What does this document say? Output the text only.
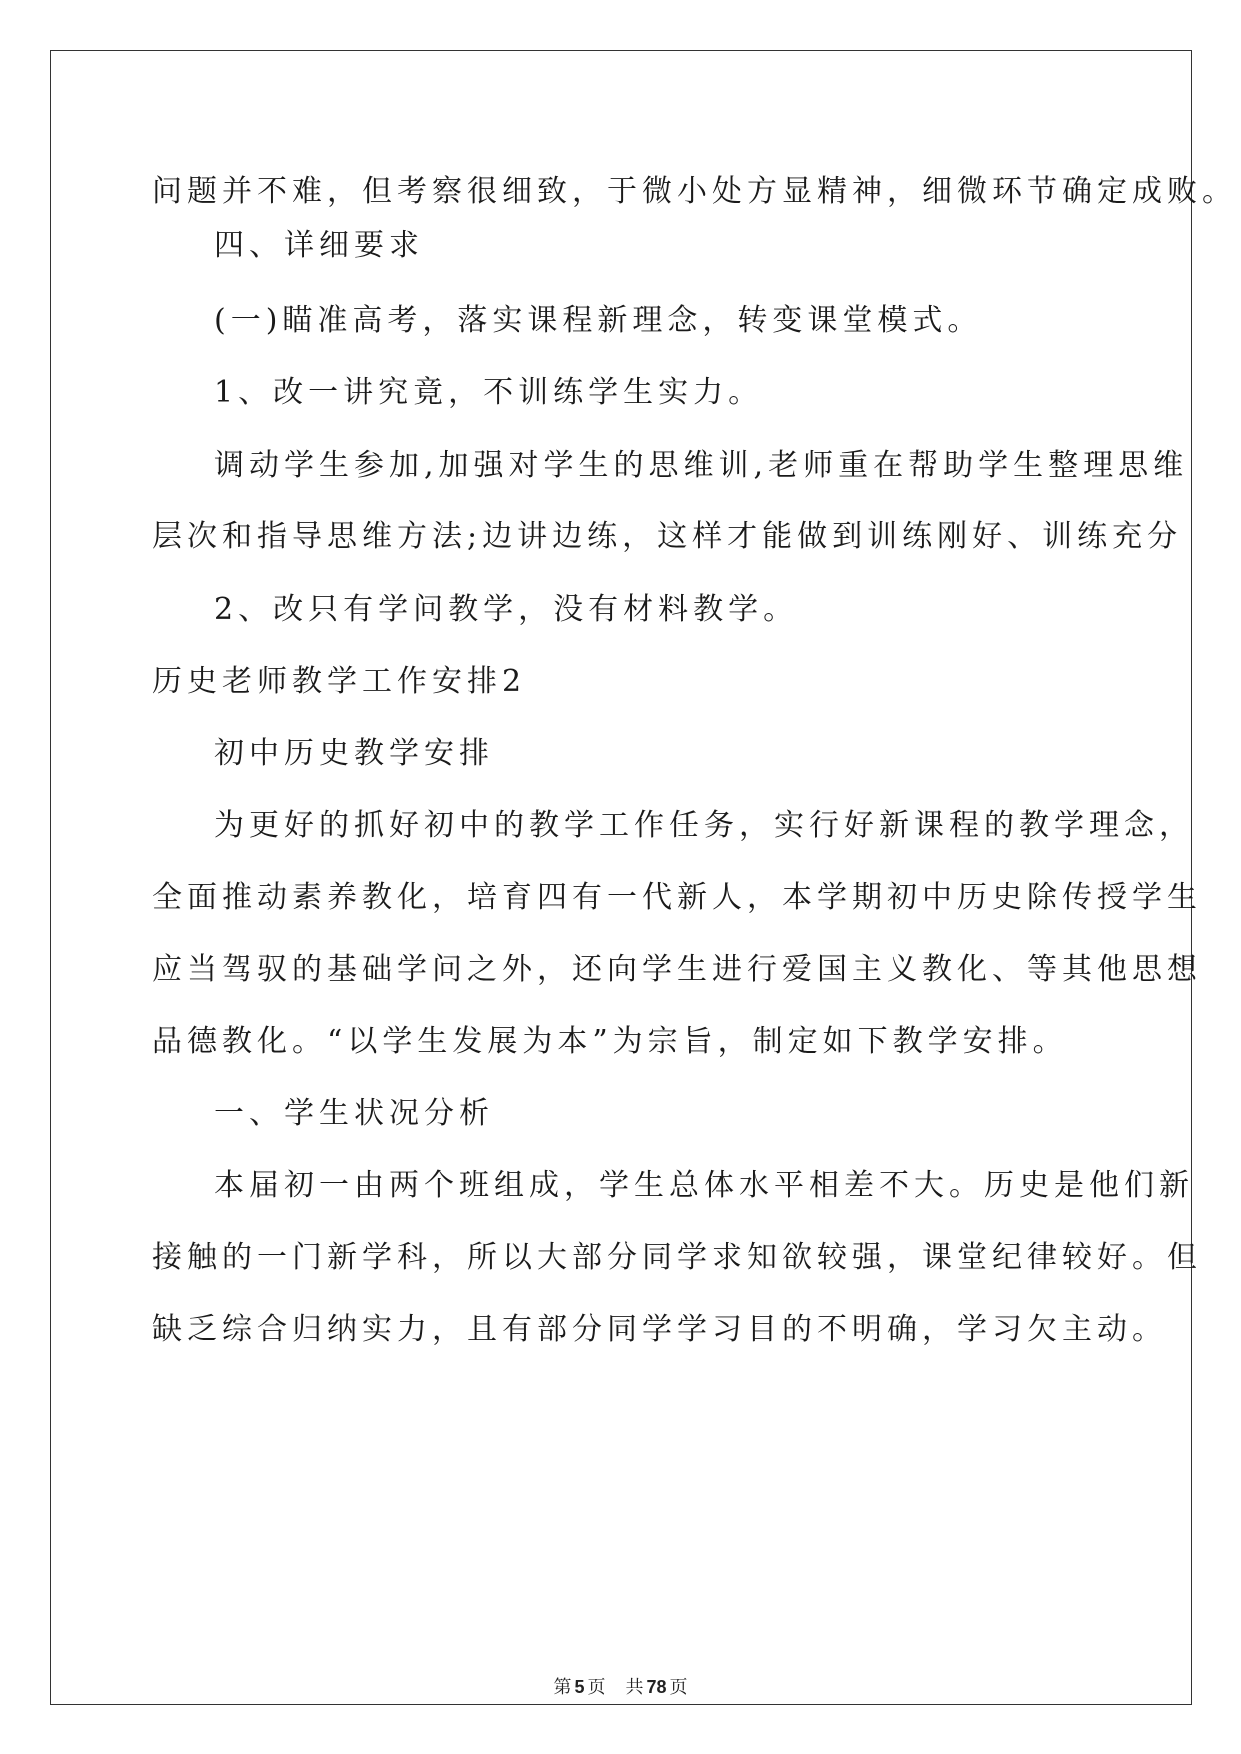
问题并不难，但考察很细致，于微小处方显精神，细微环节确定成败。
四、详细要求
(一)瞄准高考，落实课程新理念，转变课堂模式。
1、改一讲究竟，不训练学生实力。
调动学生参加,加强对学生的思维训,老师重在帮助学生整理思维
层次和指导思维方法;边讲边练，这样才能做到训练刚好、训练充分
2、改只有学问教学，没有材料教学。
历史老师教学工作安排2
初中历史教学安排
为更好的抓好初中的教学工作任务，实行好新课程的教学理念，
全面推动素养教化，培育四有一代新人，本学期初中历史除传授学生
应当驾驭的基础学问之外，还向学生进行爱国主义教化、等其他思想
品德教化。“以学生发展为本”为宗旨，制定如下教学安排。
一、学生状况分析
本届初一由两个班组成，学生总体水平相差不大。历史是他们新
接触的一门新学科，所以大部分同学求知欲较强，课堂纪律较好。但
缺乏综合归纳实力，且有部分同学学习目的不明确，学习欠主动。
第 5 页 共 78 页
